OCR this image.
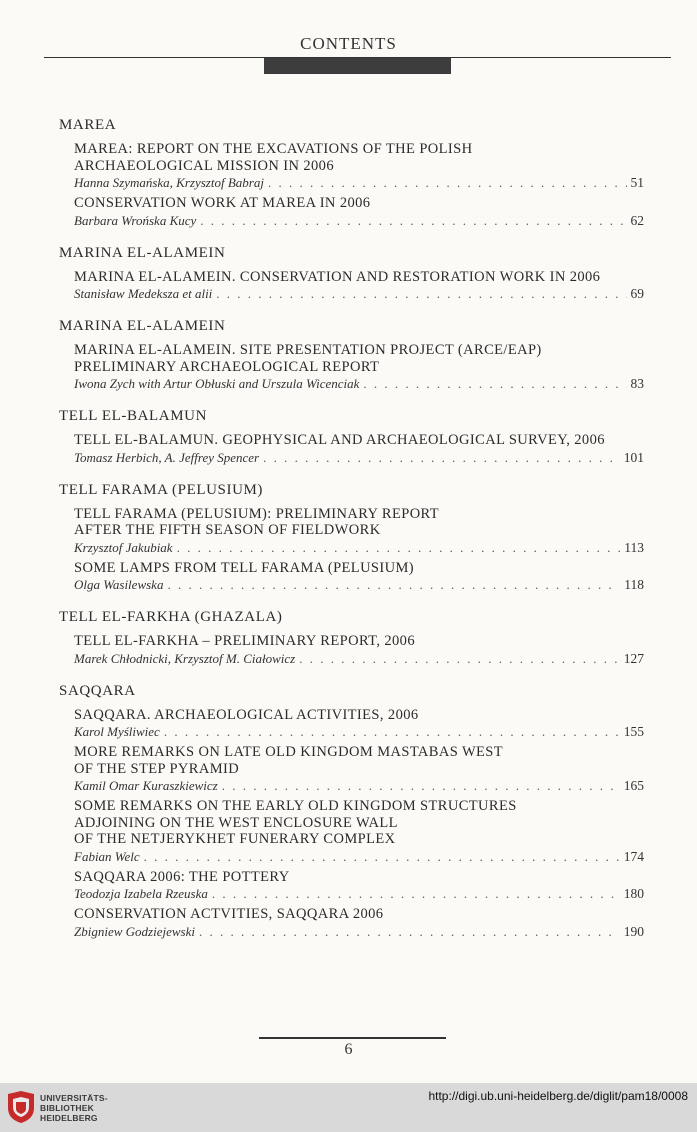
CONTENTS
MAREA
MAREA: REPORT ON THE EXCAVATIONS OF THE POLISH
ARCHAEOLOGICAL MISSION IN 2006
Hanna Szymańska, Krzysztof Babraj . . .	51
CONSERVATION WORK AT MAREA IN 2006
Barbara Wrońska Kucy . . .	62
MARINA EL-ALAMEIN
MARINA EL-ALAMEIN. CONSERVATION AND RESTORATION WORK IN 2006
Stanisław Medeksza et alii . . .	69
MARINA EL-ALAMEIN
MARINA EL-ALAMEIN. SITE PRESENTATION PROJECT (ARCE/EAP)
PRELIMINARY ARCHAEOLOGICAL REPORT
Iwona Zych with Artur Obłuski and Urszula Wicenciak . . .	83
TELL EL-BALAMUN
TELL EL-BALAMUN. GEOPHYSICAL AND ARCHAEOLOGICAL SURVEY, 2006
Tomasz Herbich, A. Jeffrey Spencer . . .	101
TELL FARAMA (PELUSIUM)
TELL FARAMA (PELUSIUM): PRELIMINARY REPORT
AFTER THE FIFTH SEASON OF FIELDWORK
Krzysztof Jakubiak . . .	113
SOME LAMPS FROM TELL FARAMA (PELUSIUM)
Olga Wasilewska . . .	118
TELL EL-FARKHA (GHAZALA)
TELL EL-FARKHA – PRELIMINARY REPORT, 2006
Marek Chłodnicki, Krzysztof M. Ciałowicz . . .	127
SAQQARA
SAQQARA. ARCHAEOLOGICAL ACTIVITIES, 2006
Karol Myśliwiec . . .	155
MORE REMARKS ON LATE OLD KINGDOM MASTABAS WEST
OF THE STEP PYRAMID
Kamil Omar Kuraszkiewicz . . .	165
SOME REMARKS ON THE EARLY OLD KINGDOM STRUCTURES
ADJOINING ON THE WEST ENCLOSURE WALL
OF THE NETJERYKHET FUNERARY COMPLEX
Fabian Welc . . .	174
SAQQARA 2006: THE POTTERY
Teodozja Izabela Rzeuska . . .	180
CONSERVATION ACTVITIES, SAQQARA 2006
Zbigniew Godziejewski . . .	190
6
UNIVERSITÄTS-
BIBLIOTHEK
HEIDELBERG
http://digi.ub.uni-heidelberg.de/diglit/pam18/0008
